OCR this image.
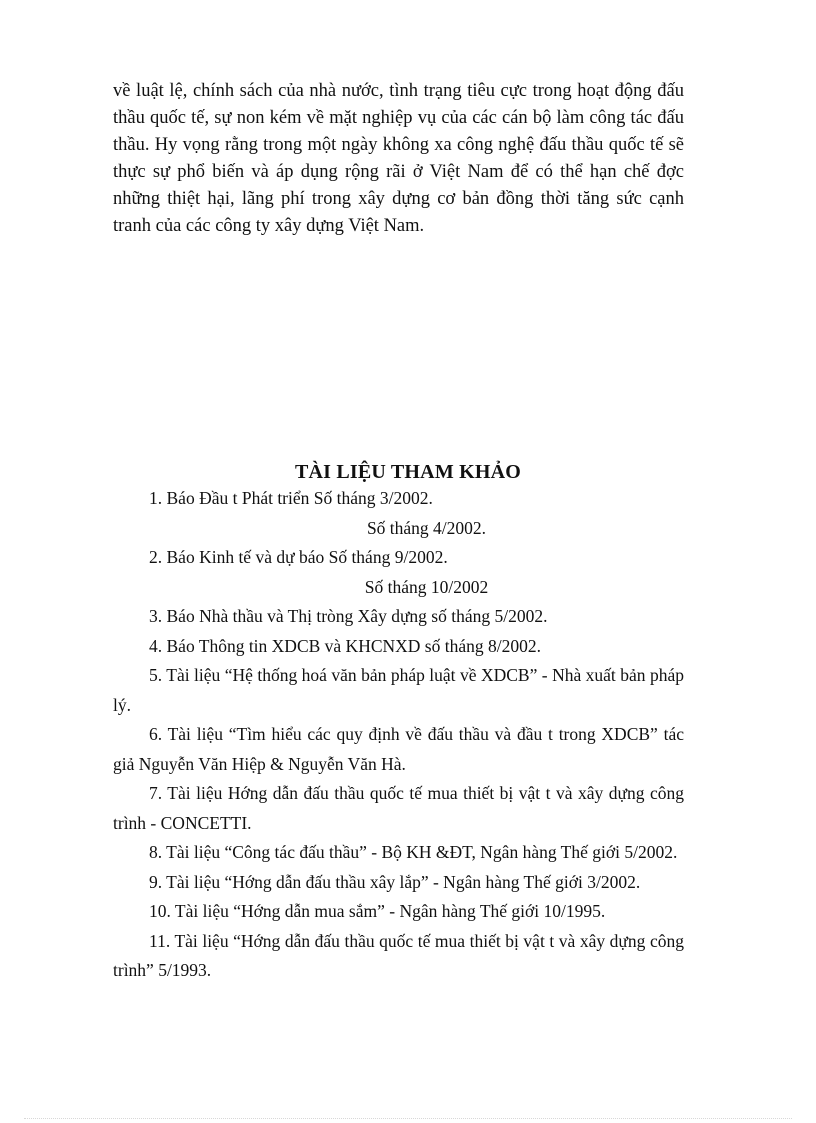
về luật lệ, chính sách của nhà nước, tình trạng tiêu cực trong hoạt động đấu thầu quốc tế, sự non kém về mặt nghiệp vụ của các cán bộ làm công tác đấu thầu. Hy vọng rằng trong một ngày không xa công nghệ đấu thầu quốc tế sẽ thực sự phổ biến và áp dụng rộng rãi ở Việt Nam để có thể hạn chế đợc những thiệt hại, lãng phí trong xây dựng cơ bản đồng thời tăng sức cạnh tranh của các công ty xây dựng Việt Nam.

TÀI LIỆU THAM KHẢO

1. Báo Đầu t Phát triển Số tháng 3/2002.

Số tháng 4/2002.

2. Báo Kinh tế và dự báo Số tháng 9/2002.

Số tháng 10/2002

3. Báo Nhà thầu và Thị tròng Xây dựng số tháng 5/2002.

4. Báo Thông tin XDCB và KHCNXD số tháng 8/2002.

5. Tài liệu “Hệ thống hoá văn bản pháp luật về XDCB” - Nhà xuất bản pháp lý.

6. Tài liệu “Tìm hiểu các quy định về đấu thầu và đầu t trong XDCB” tác giả Nguyễn Văn Hiệp & Nguyễn Văn Hà.

7. Tài liệu Hớng dẫn đấu thầu quốc tế mua thiết bị vật t và xây dựng công trình - CONCETTI.

8. Tài liệu “Công tác đấu thầu” - Bộ KH &ĐT, Ngân hàng Thế giới 5/2002.

9. Tài liệu “Hớng dẫn đấu thầu xây lắp” - Ngân hàng Thế giới 3/2002.

10. Tài liệu “Hớng dẫn mua sắm” - Ngân hàng Thế giới 10/1995.

11. Tài liệu “Hớng dẫn đấu thầu quốc tế mua thiết bị vật t và xây dựng công trình” 5/1993.
